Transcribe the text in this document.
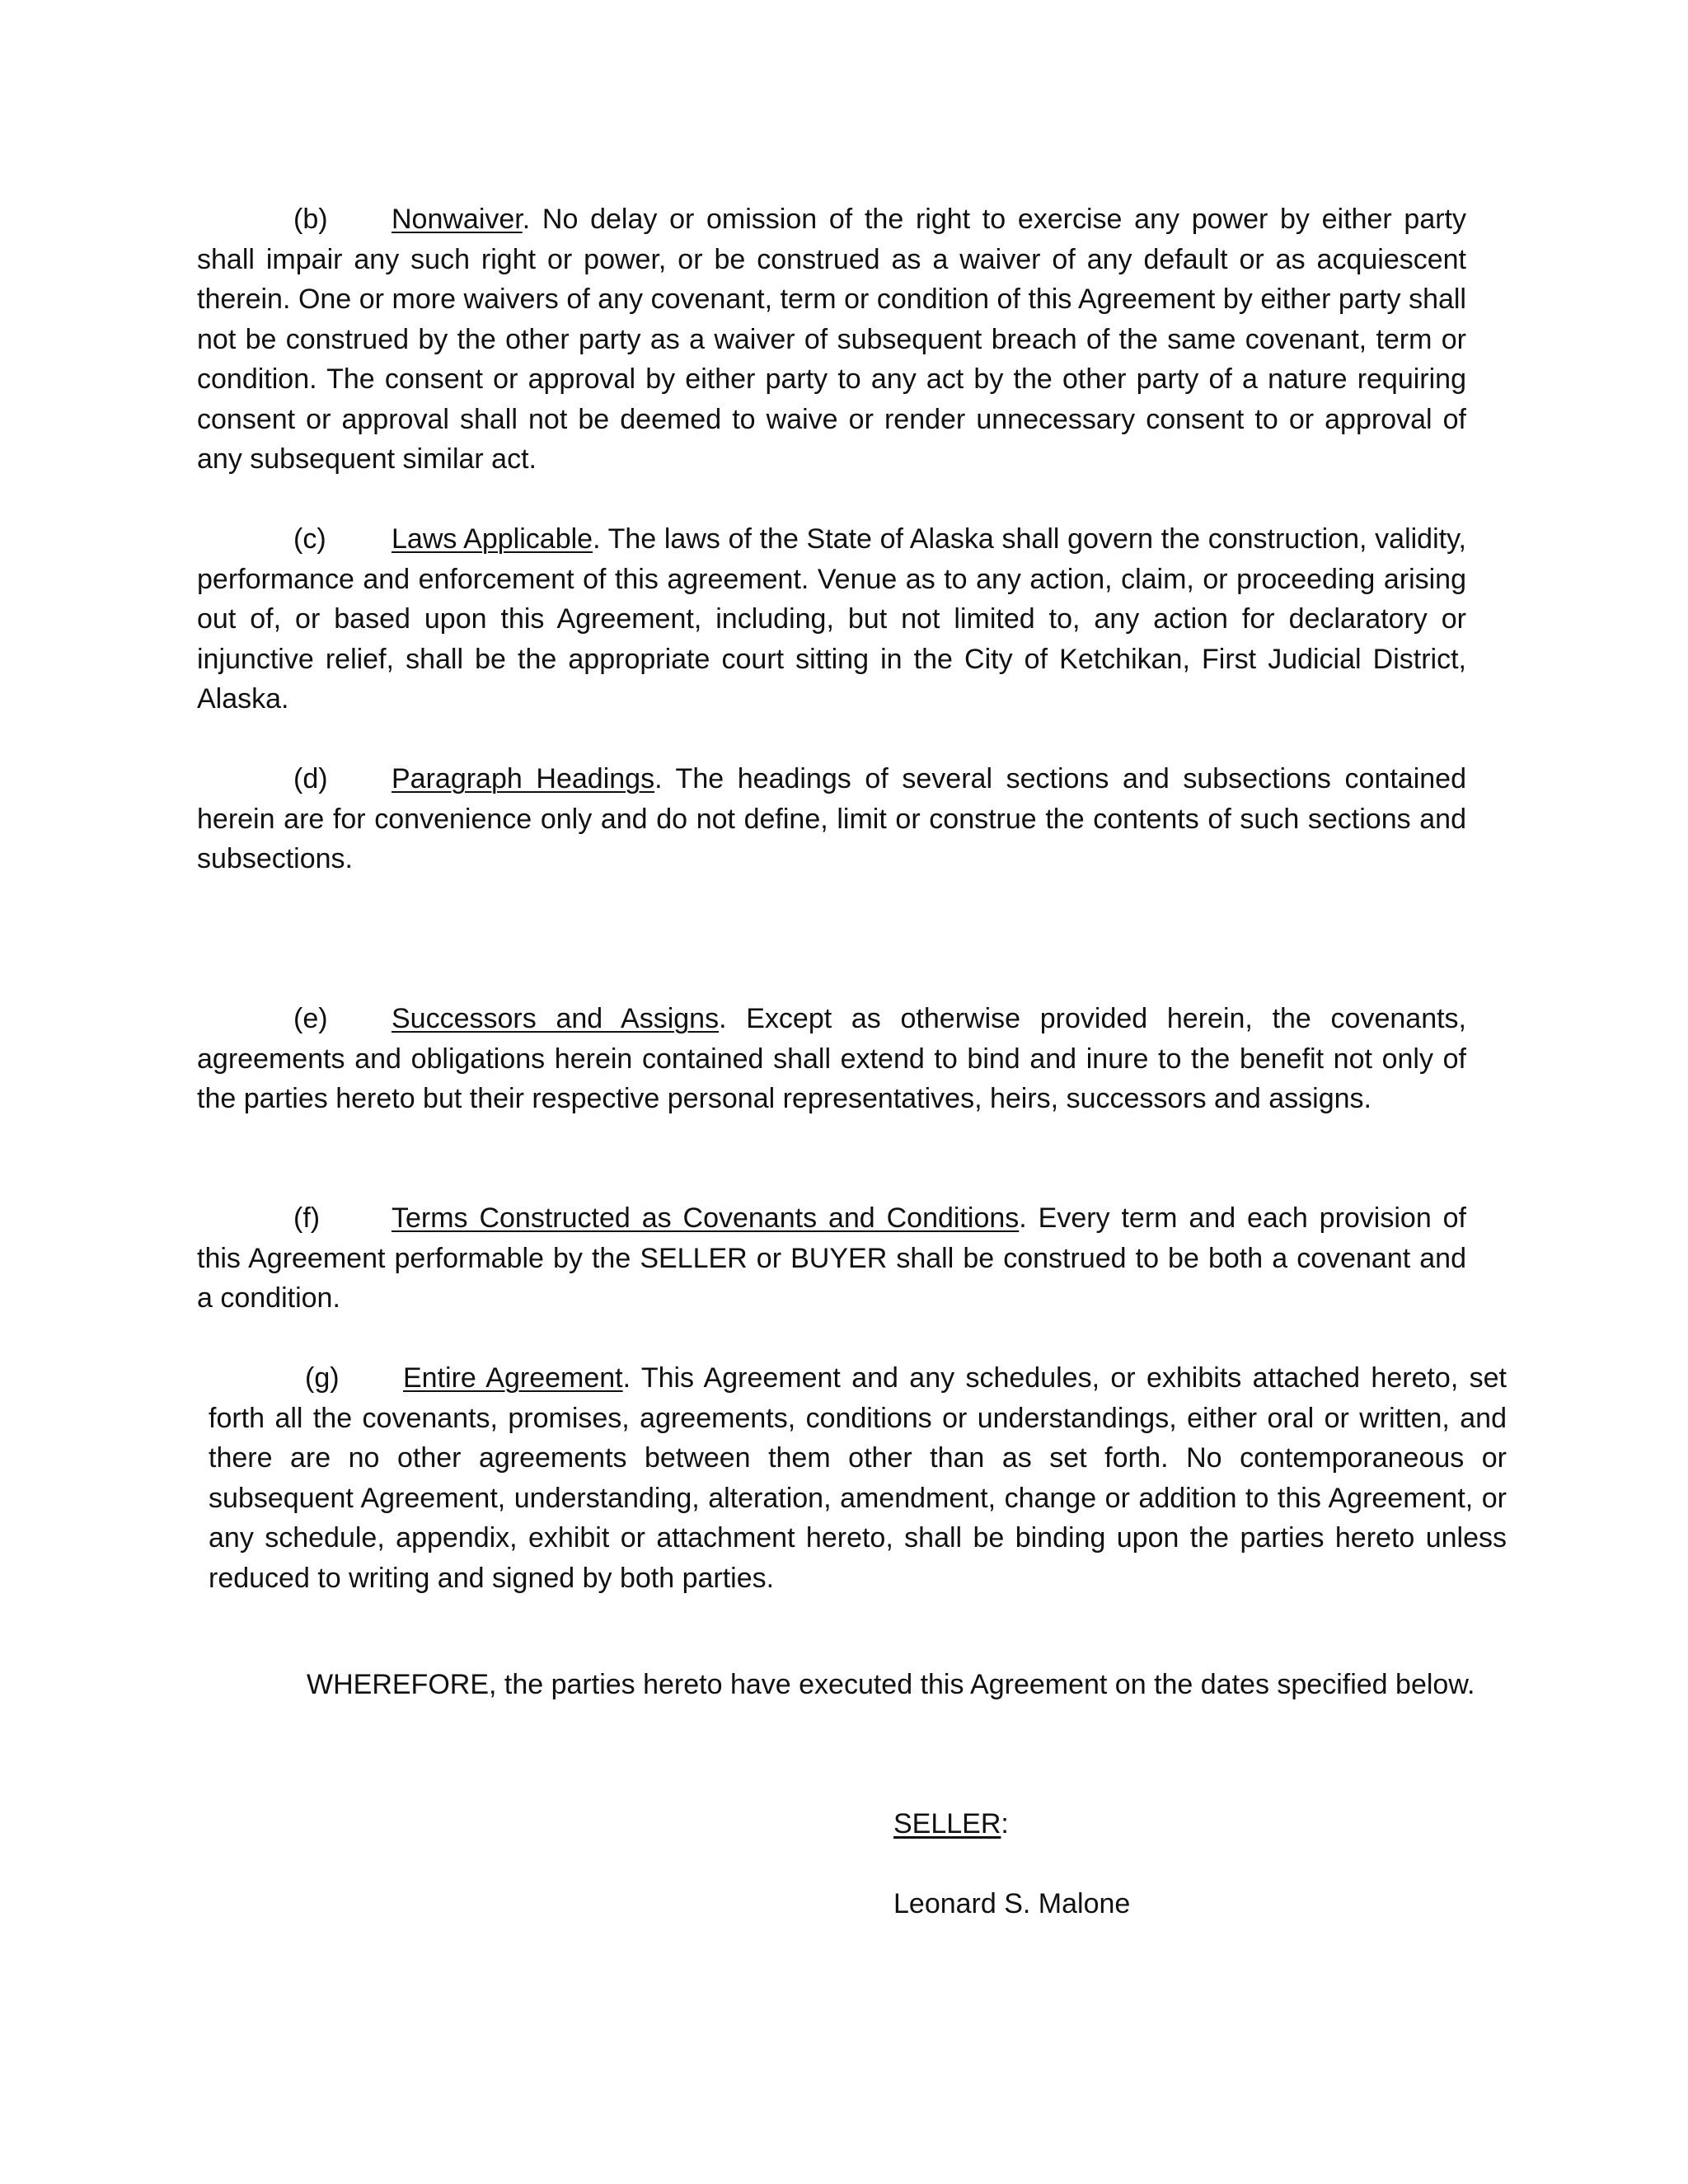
(b) Nonwaiver. No delay or omission of the right to exercise any power by either party shall impair any such right or power, or be construed as a waiver of any default or as acquiescent therein. One or more waivers of any covenant, term or condition of this Agreement by either party shall not be construed by the other party as a waiver of subsequent breach of the same covenant, term or condition. The consent or approval by either party to any act by the other party of a nature requiring consent or approval shall not be deemed to waive or render unnecessary consent to or approval of any subsequent similar act.

(c) Laws Applicable. The laws of the State of Alaska shall govern the construction, validity, performance and enforcement of this agreement. Venue as to any action, claim, or proceeding arising out of, or based upon this Agreement, including, but not limited to, any action for declaratory or injunctive relief, shall be the appropriate court sitting in the City of Ketchikan, First Judicial District, Alaska.

(d) Paragraph Headings. The headings of several sections and subsections contained herein are for convenience only and do not define, limit or construe the contents of such sections and subsections.

(e) Successors and Assigns. Except as otherwise provided herein, the covenants, agreements and obligations herein contained shall extend to bind and inure to the benefit not only of the parties hereto but their respective personal representatives, heirs, successors and assigns.

(f)	Terms Constructed as Covenants and Conditions. Every term and each provision of this Agreement performable by the SELLER or BUYER shall be construed to be both a covenant and a condition.

(g) Entire Agreement. This Agreement and any schedules, or exhibits attached hereto, set forth all the covenants, promises, agreements, conditions or understandings, either oral or written, and there are no other agreements between them other than as set forth. No contemporaneous or subsequent Agreement, understanding, alteration, amendment, change or addition to this Agreement, or any schedule, appendix, exhibit or attachment hereto, shall be binding upon the parties hereto unless reduced to writing and signed by both parties.

WHEREFORE, the parties hereto have executed this Agreement on the dates specified below.

SELLER:

Leonard S. Malone
